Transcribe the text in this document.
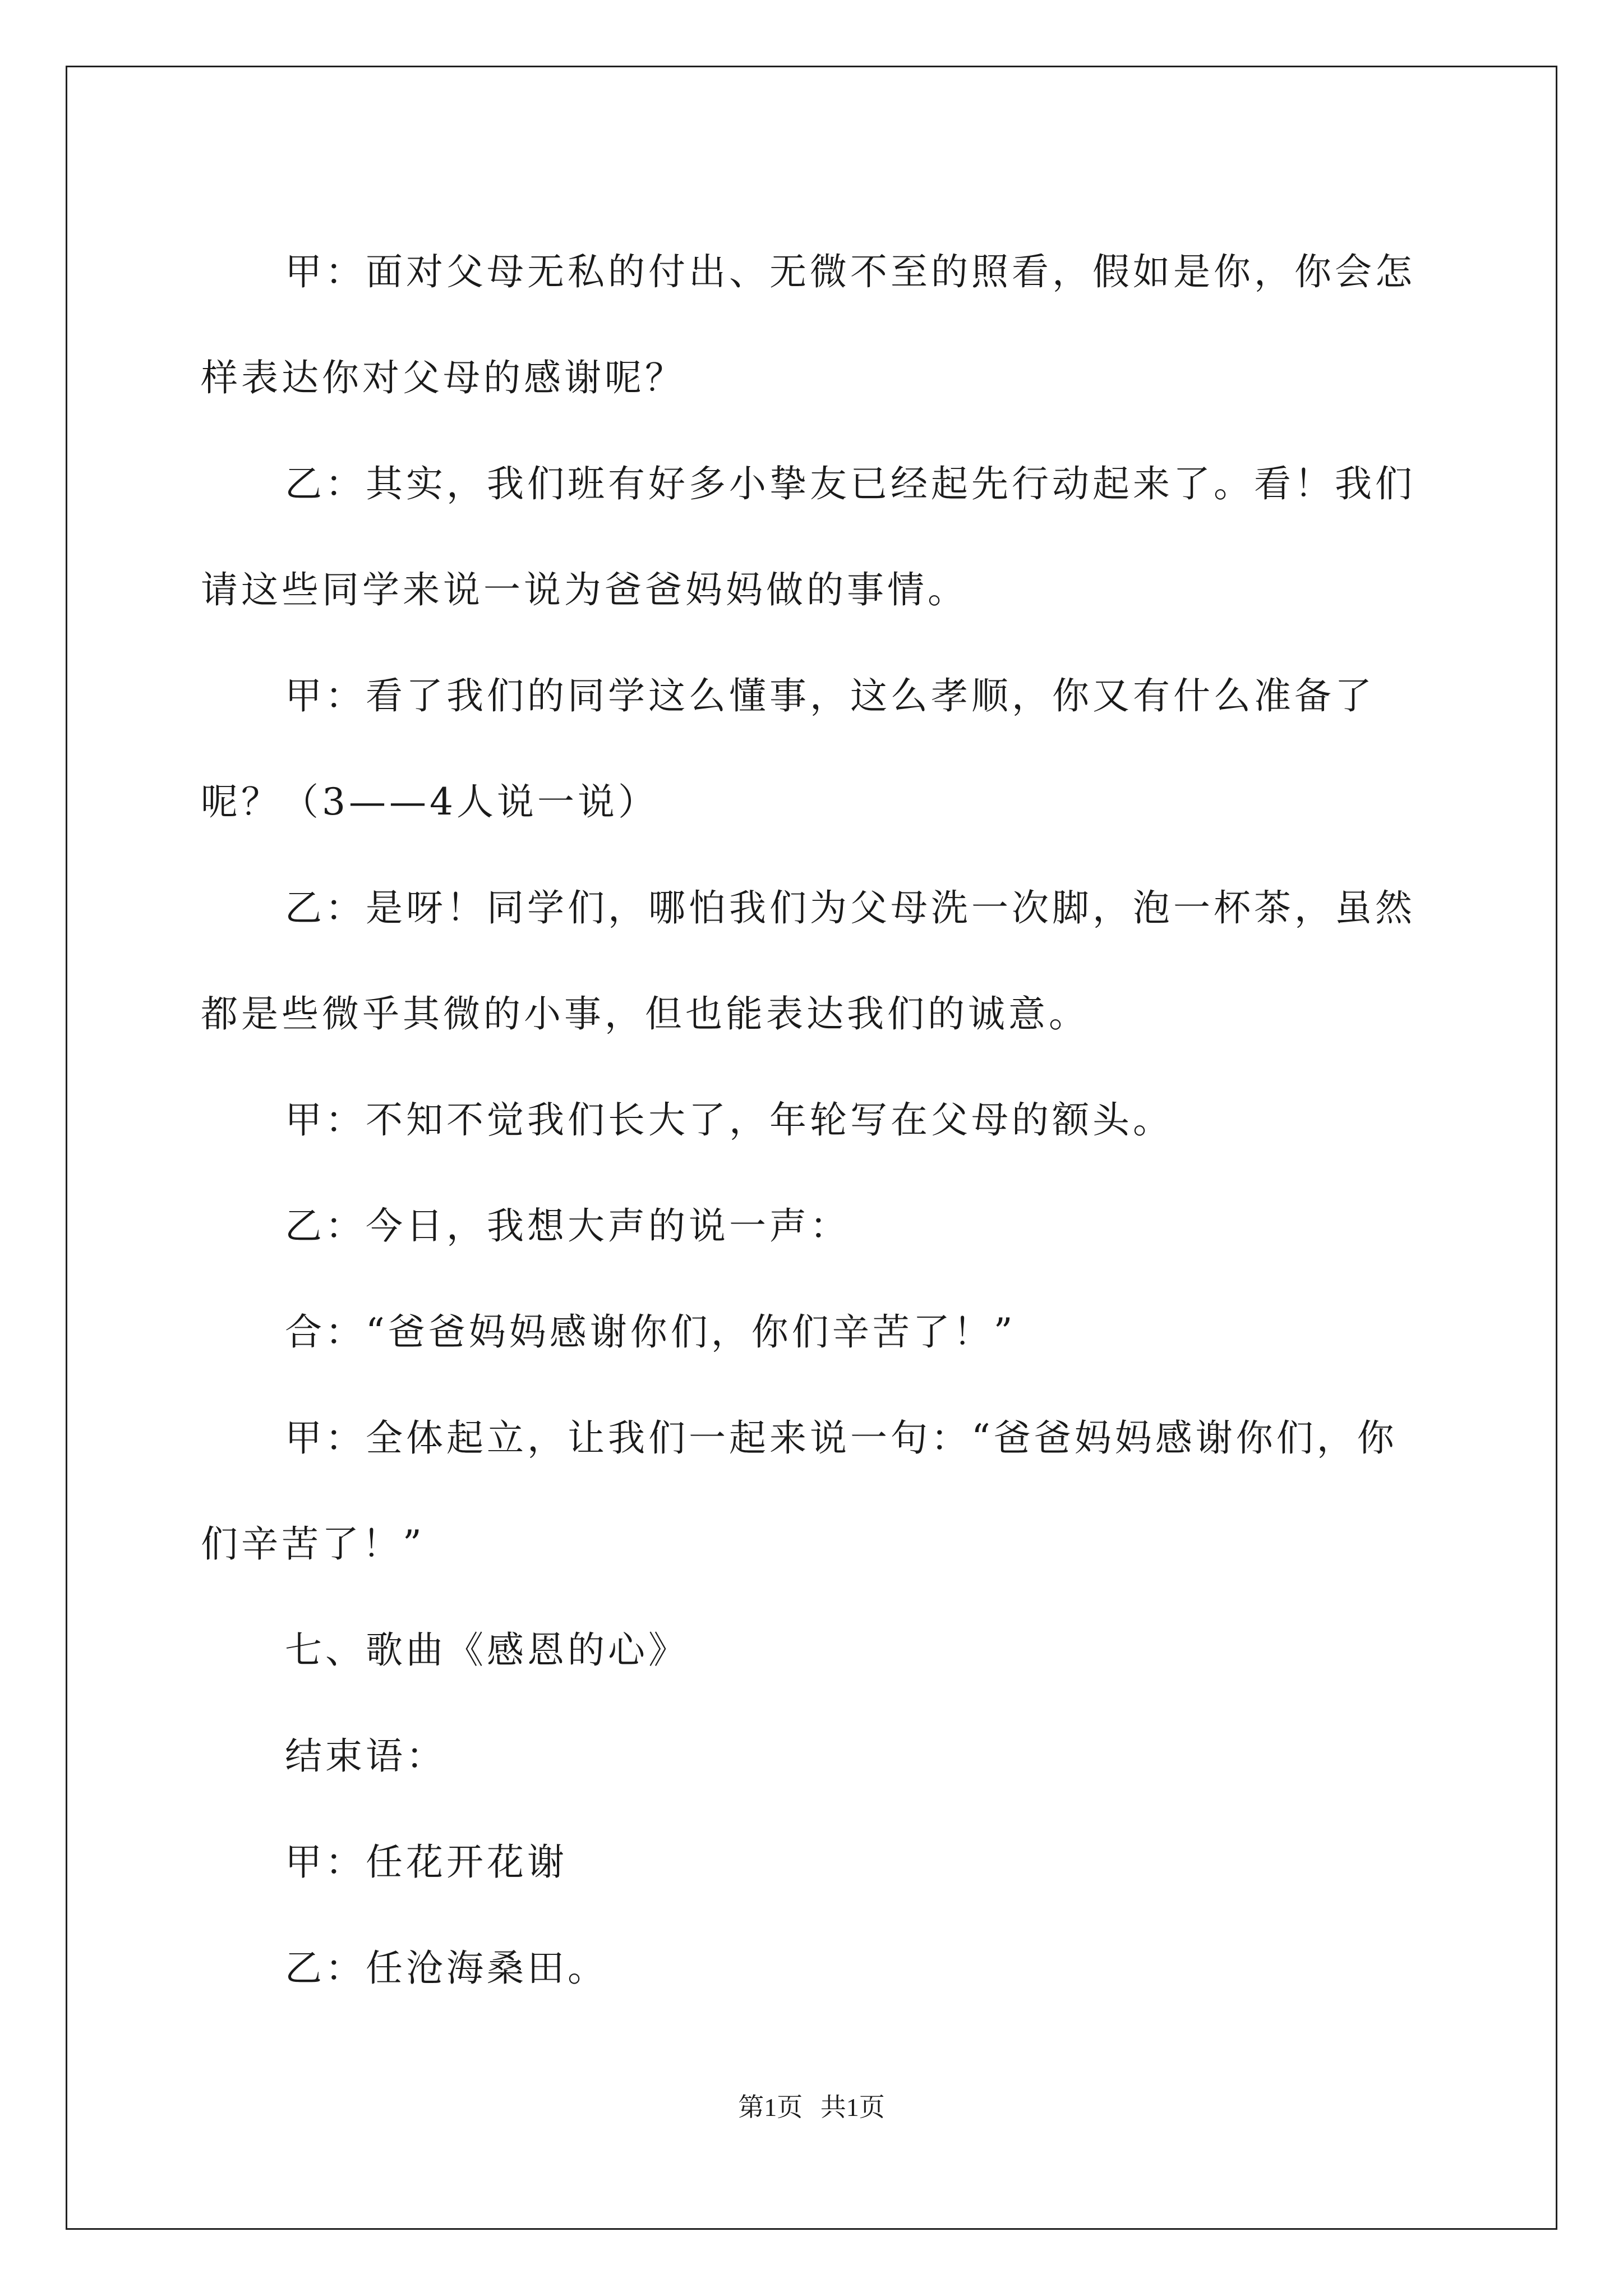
甲：面对父母无私的付出、无微不至的照看，假如是你，你会怎样表达你对父母的感谢呢？

乙：其实，我们班有好多小挚友已经起先行动起来了。看！我们请这些同学来说一说为爸爸妈妈做的事情。

甲：看了我们的同学这么懂事，这么孝顺，你又有什么准备了呢？（3——4人说一说）

乙：是呀！同学们，哪怕我们为父母洗一次脚，泡一杯茶，虽然都是些微乎其微的小事，但也能表达我们的诚意。

甲：不知不觉我们长大了，年轮写在父母的额头。

乙：今日，我想大声的说一声：

合：“爸爸妈妈感谢你们，你们辛苦了！”

甲：全体起立，让我们一起来说一句：“爸爸妈妈感谢你们，你们辛苦了！”

七、歌曲《感恩的心》

结束语：

甲：任花开花谢

乙：任沧海桑田。

第1页 共1页
